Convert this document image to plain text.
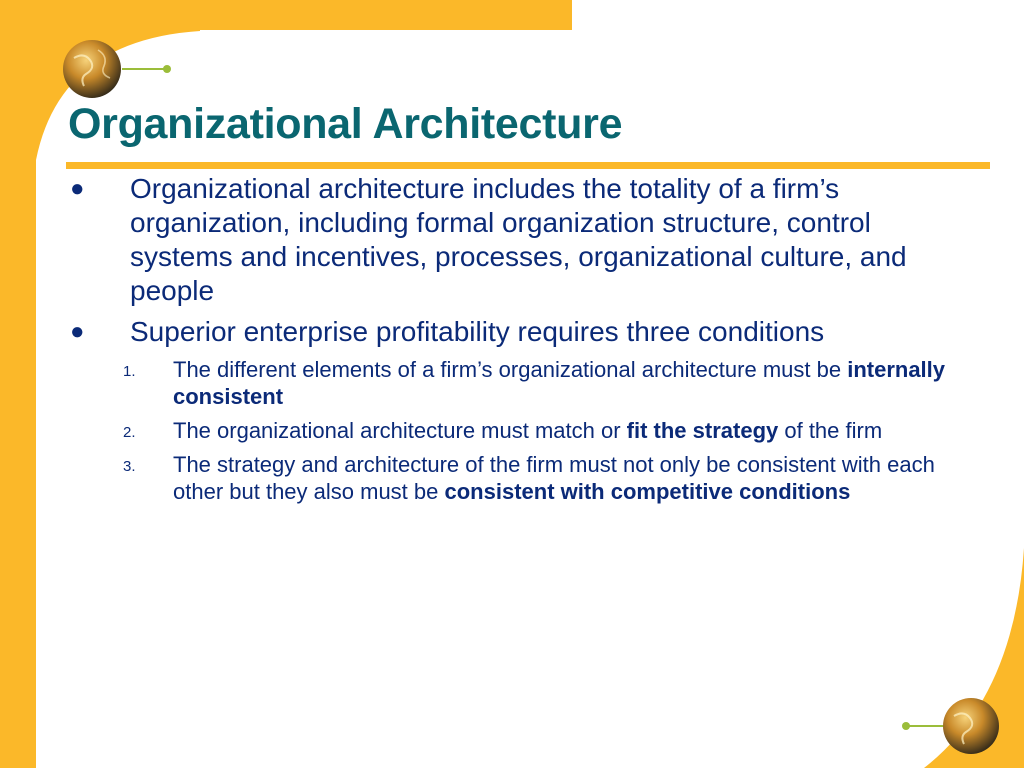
Organizational Architecture
● Organizational architecture includes the totality of a firm’s organization, including formal organization structure, control systems and incentives, processes, organizational culture, and people
● Superior enterprise profitability requires three conditions
1. The different elements of a firm’s organizational architecture must be internally consistent
2. The organizational architecture must match or fit the strategy of the firm
3. The strategy and architecture of the firm must not only be consistent with each other but they also must be consistent with competitive conditions
